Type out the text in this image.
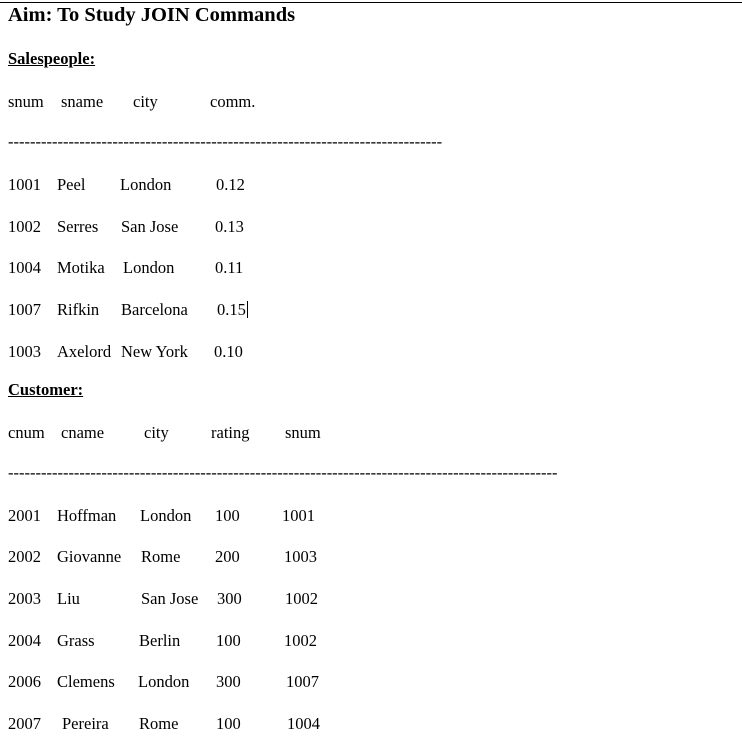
Aim: To Study JOIN Commands
Salespeople:
snum sname city	comm.
-------------------------------------------------------------------------------
1001 Peel London	0.12
1002 Serres San Jose 0.13
1004 Motika London 0.11
1007 Rifkin Barcelona 0.15
1003 Axelord New York 0.10
Customer:
cnum cname city	rating snum
----------------------------------------------------------------------------------------------------
2001 Hoffman London 100	1001
2002 Giovanne Rome 200	1003
2003 Liu	San Jose 300	1002
2004 Grass	Berlin 100	1002
2006 Clemens London 300	1007
2007 Pereira Rome 100	1004
